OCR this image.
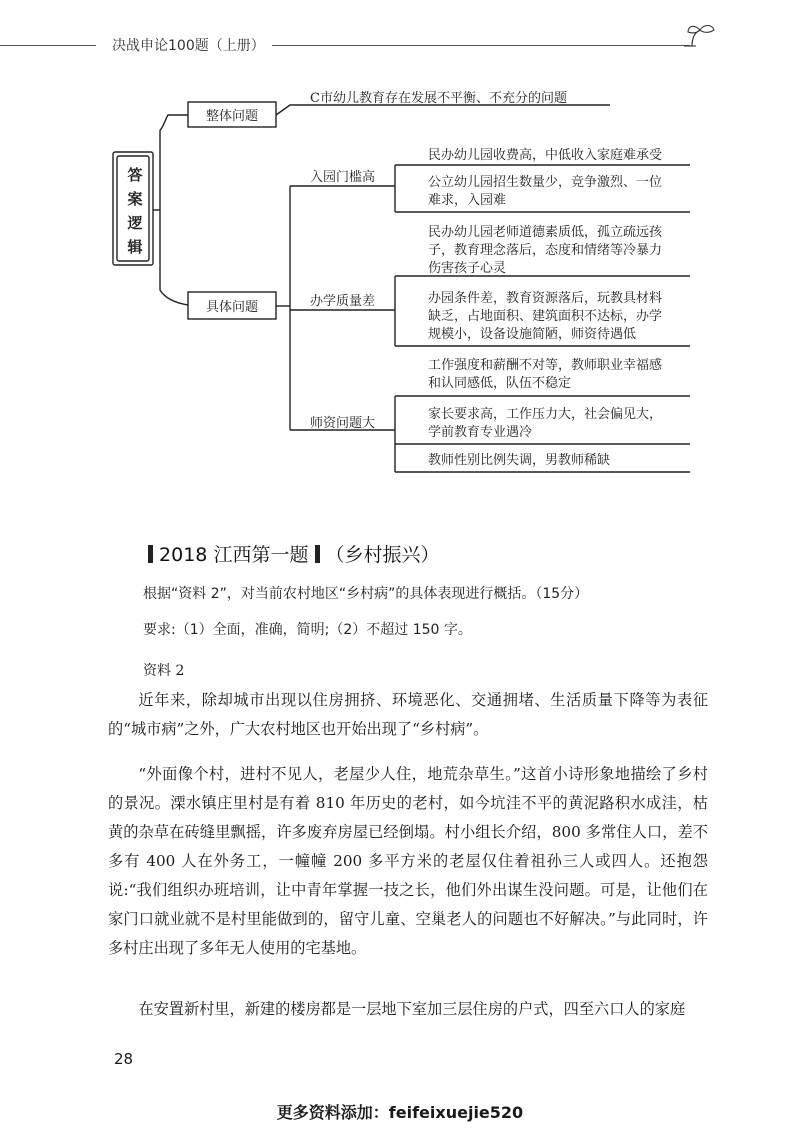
决战申论100题（上册）
答
案
逻
辑
整体问题
具体问题
C市幼儿教育存在发展不平衡、不充分的问题
入园门槛高
办学质量差
师资问题大
民办幼儿园收费高，中低收入家庭难承受
公立幼儿园招生数量少，竞争激烈、一位
难求，入园难
民办幼儿园老师道德素质低，孤立疏远孩
子，教育理念落后，态度和情绪等冷暴力
伤害孩子心灵
办园条件差，教育资源落后，玩教具材料
缺乏，占地面积、建筑面积不达标，办学
规模小，设备设施简陋，师资待遇低
工作强度和薪酬不对等，教师职业幸福感
和认同感低，队伍不稳定
家长要求高，工作压力大，社会偏见大，
学前教育专业遇冷
教师性别比例失调，男教师稀缺
2018 江西第一题 （乡村振兴）
根据“资料 2”，对当前农村地区“乡村病”的具体表现进行概括。（15分）
要求:（1）全面，准确，简明;（2）不超过 150 字。
资料 2
近年来，除却城市出现以住房拥挤、环境恶化、交通拥堵、生活质量下降等为表征的“城市病”之外，广大农村地区也开始出现了“乡村病”。
“外面像个村，进村不见人，老屋少人住，地荒杂草生。”这首小诗形象地描绘了乡村的景况。溧水镇庄里村是有着 810 年历史的老村，如今坑洼不平的黄泥路积水成洼，枯黄的杂草在砖缝里飘摇，许多废弃房屋已经倒塌。村小组长介绍，800 多常住人口，差不多有 400 人在外务工，一幢幢 200 多平方米的老屋仅住着祖孙三人或四人。还抱怨说:“我们组织办班培训，让中青年掌握一技之长，他们外出谋生没问题。可是，让他们在家门口就业就不是村里能做到的，留守儿童、空巢老人的问题也不好解决。”与此同时，许多村庄出现了多年无人使用的宅基地。
在安置新村里，新建的楼房都是一层地下室加三层住房的户式，四至六口人的家庭
28
更多资料添加：feifeixuejie520
